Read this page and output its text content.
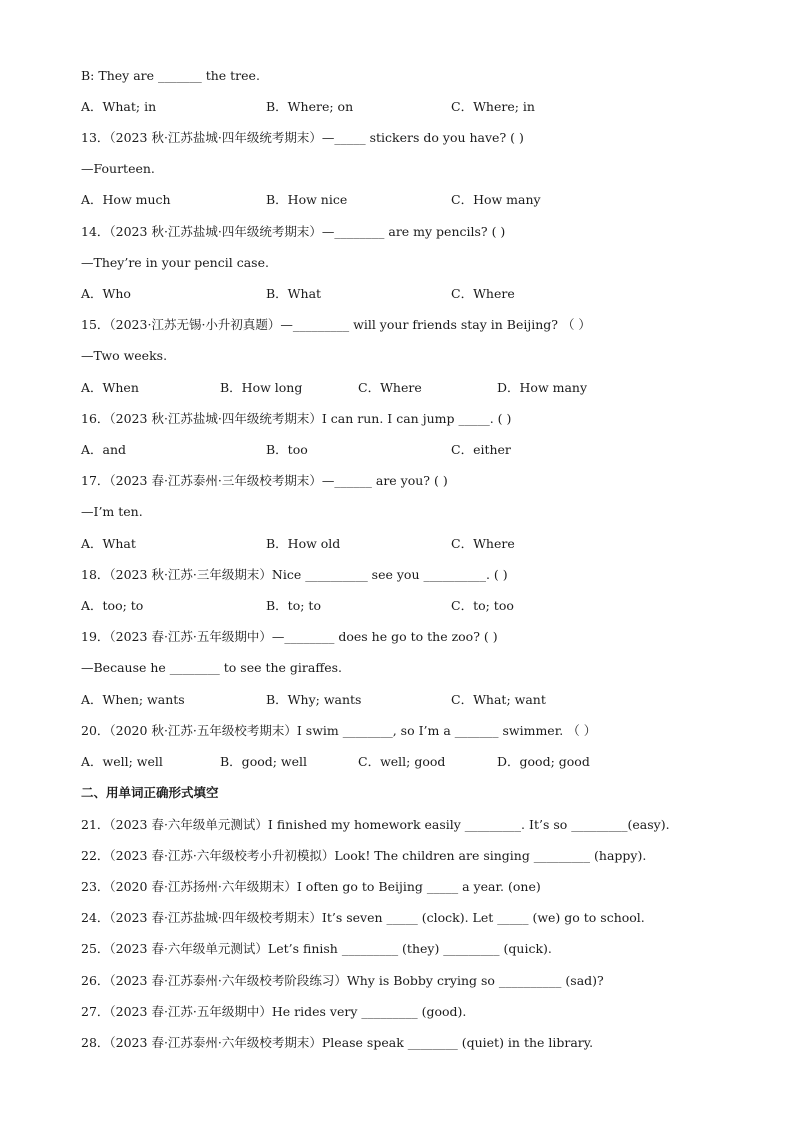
B: They are _______ the tree.
A．What; in	B．Where; on	C．Where; in
13．（2023 秋·江苏盐城·四年级统考期末）—_____ stickers do you have? ( )
—Fourteen.
A．How much	B．How nice	C．How many
14．（2023 秋·江苏盐城·四年级统考期末）—________ are my pencils? ( )
—They’re in your pencil case.
A．Who	B．What	C．Where
15．（2023·江苏无锡·小升初真题）—_________ will your friends stay in Beijing? （ ）
—Two weeks.
A．When	B．How long	C．Where	D．How many
16．（2023 秋·江苏盐城·四年级统考期末）I can run. I can jump _____. ( )
A．and	B．too	C．either
17．（2023 春·江苏泰州·三年级校考期末）—______ are you? ( )
—I’m ten.
A．What	B．How old	C．Where
18．（2023 秋·江苏·三年级期末）Nice __________ see you __________. ( )
A．too; to	B．to; to	C．to; too
19．（2023 春·江苏·五年级期中）—________ does he go to the zoo? ( )
—Because he ________ to see the giraffes.
A．When; wants	B．Why; wants	C．What; want
20．（2020 秋·江苏·五年级校考期末）I swim ________, so I’m a _______ swimmer. （ ）
A．well; well	B．good; well	C．well; good	D．good; good
二、用单词正确形式填空
21．（2023 春·六年级单元测试）I finished my homework easily _________. It’s so _________(easy).
22．（2023 春·江苏·六年级校考小升初模拟）Look! The children are singing _________ (happy).
23．（2020 春·江苏扬州·六年级期末）I often go to Beijing _____ a year. (one)
24．（2023 春·江苏盐城·四年级校考期末）It’s seven _____ (clock). Let _____ (we) go to school.
25．（2023 春·六年级单元测试）Let’s finish _________ (they) _________ (quick).
26．（2023 春·江苏泰州·六年级校考阶段练习）Why is Bobby crying so __________ (sad)?
27．（2023 春·江苏·五年级期中）He rides very _________ (good).
28．（2023 春·江苏泰州·六年级校考期末）Please speak ________ (quiet) in the library.
